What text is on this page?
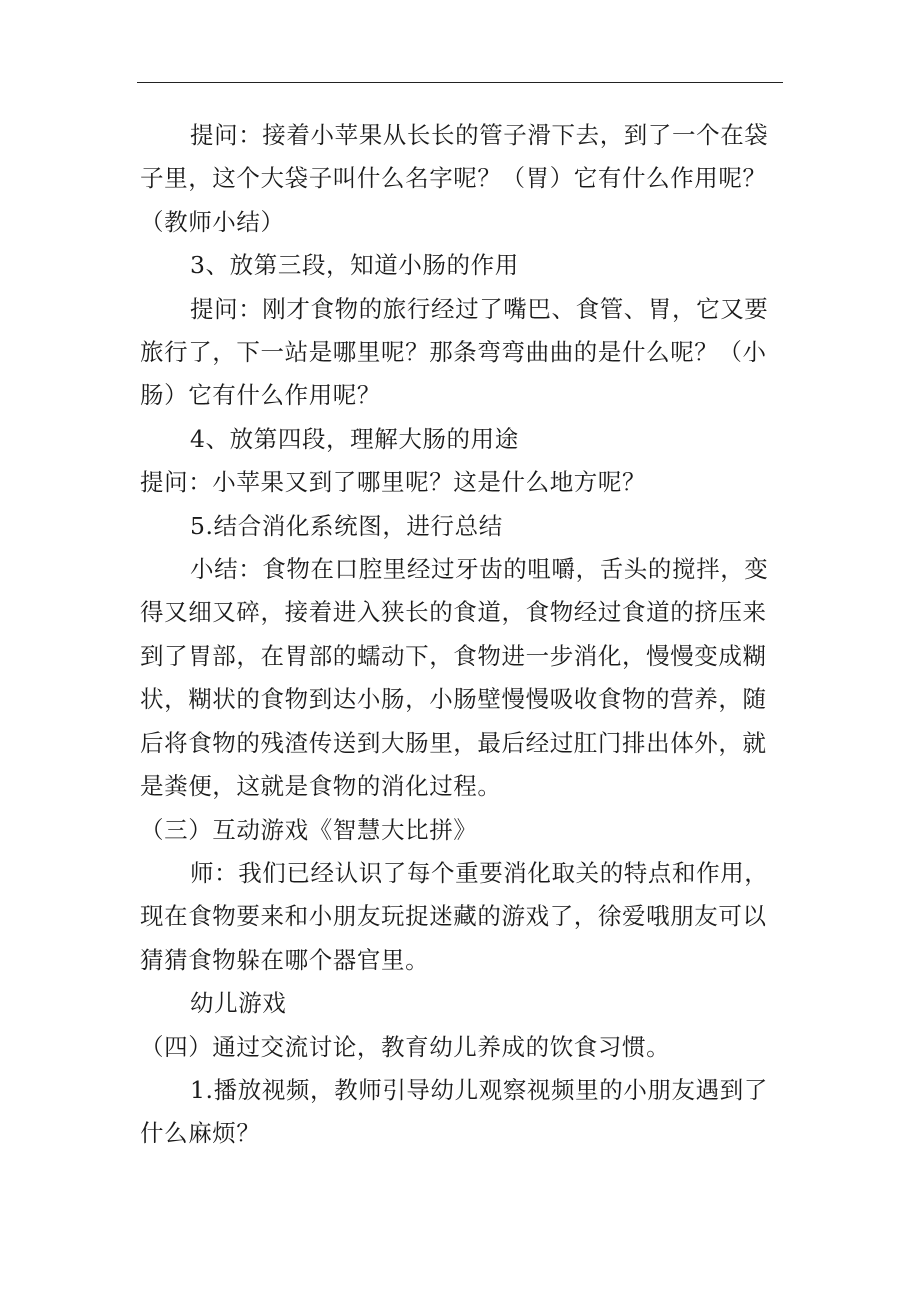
提问：接着小苹果从长长的管子滑下去，到了一个在袋

子里，这个大袋子叫什么名字呢？（胃）它有什么作用呢？

（教师小结）

3、放第三段，知道小肠的作用

提问：刚才食物的旅行经过了嘴巴、食管、胃，它又要

旅行了，下一站是哪里呢？那条弯弯曲曲的是什么呢？（小

肠）它有什么作用呢？

4、放第四段，理解大肠的用途

提问：小苹果又到了哪里呢？这是什么地方呢？

5.结合消化系统图，进行总结

小结：食物在口腔里经过牙齿的咀嚼，舌头的搅拌，变

得又细又碎，接着进入狭长的食道，食物经过食道的挤压来

到了胃部，在胃部的蠕动下，食物进一步消化，慢慢变成糊

状，糊状的食物到达小肠，小肠壁慢慢吸收食物的营养，随

后将食物的残渣传送到大肠里，最后经过肛门排出体外，就

是粪便，这就是食物的消化过程。

（三）互动游戏《智慧大比拼》

师：我们已经认识了每个重要消化取关的特点和作用，

现在食物要来和小朋友玩捉迷藏的游戏了，徐爱哦朋友可以

猜猜食物躲在哪个器官里。

幼儿游戏

（四）通过交流讨论，教育幼儿养成的饮食习惯。

1.播放视频，教师引导幼儿观察视频里的小朋友遇到了

什么麻烦？
